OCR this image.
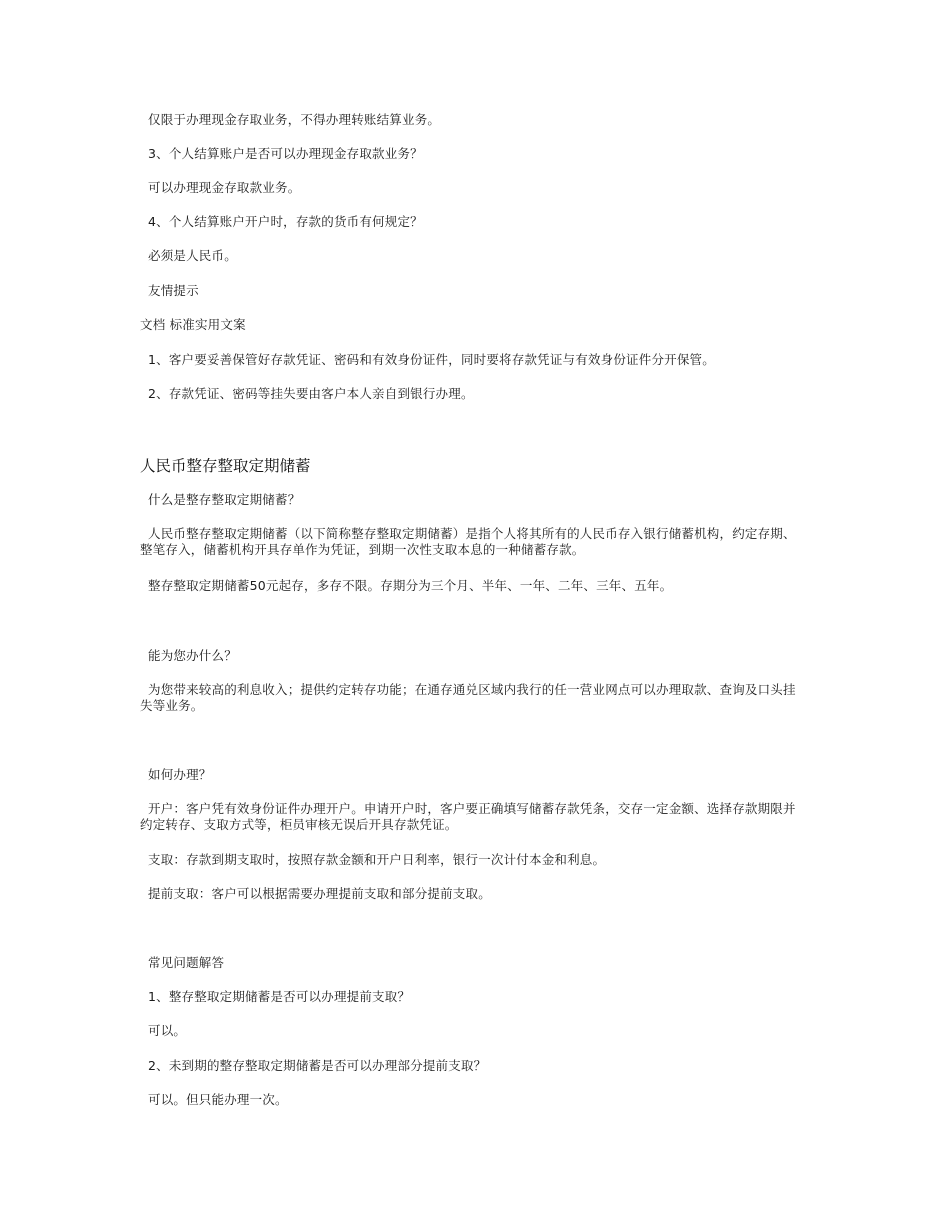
仅限于办理现金存取业务，不得办理转账结算业务。
3、个人结算账户是否可以办理现金存取款业务？
可以办理现金存取款业务。
4、个人结算账户开户时，存款的货币有何规定？
必须是人民币。
友情提示
文档 标准实用文案
1、客户要妥善保管好存款凭证、密码和有效身份证件，同时要将存款凭证与有效身份证件分开保管。
2、存款凭证、密码等挂失要由客户本人亲自到银行办理。
人民币整存整取定期储蓄
什么是整存整取定期储蓄？
人民币整存整取定期储蓄（以下简称整存整取定期储蓄）是指个人将其所有的人民币存入银行储蓄机构，约定存期、整笔存入，储蓄机构开具存单作为凭证，到期一次性支取本息的一种储蓄存款。
整存整取定期储蓄50元起存，多存不限。存期分为三个月、半年、一年、二年、三年、五年。
能为您办什么？
为您带来较高的利息收入；提供约定转存功能；在通存通兑区域内我行的任一营业网点可以办理取款、查询及口头挂失等业务。
如何办理？
开户：客户凭有效身份证件办理开户。申请开户时，客户要正确填写储蓄存款凭条，交存一定金额、选择存款期限并约定转存、支取方式等，柜员审核无误后开具存款凭证。
支取：存款到期支取时，按照存款金额和开户日利率，银行一次计付本金和利息。
提前支取：客户可以根据需要办理提前支取和部分提前支取。
常见问题解答
1、整存整取定期储蓄是否可以办理提前支取？
可以。
2、未到期的整存整取定期储蓄是否可以办理部分提前支取？
可以。但只能办理一次。
